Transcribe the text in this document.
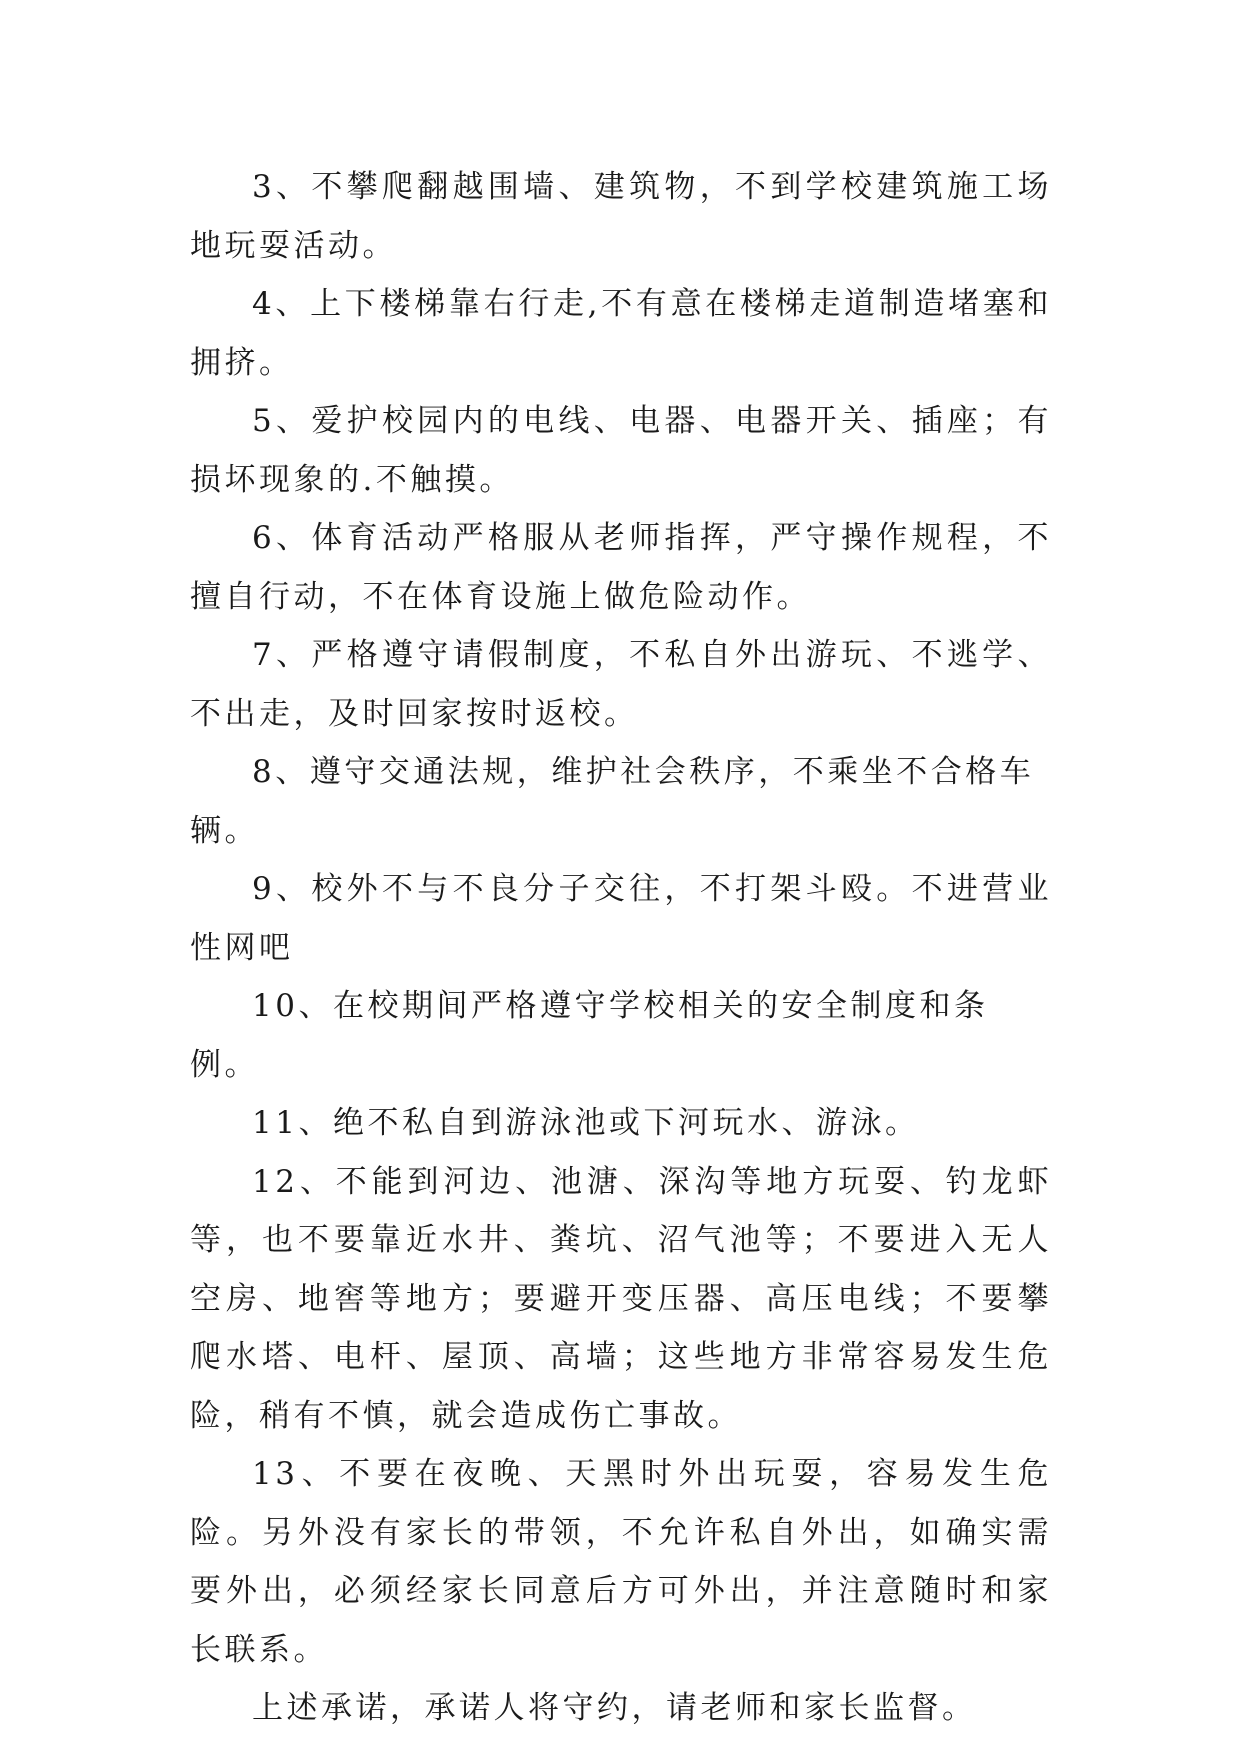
3、不攀爬翻越围墙、建筑物，不到学校建筑施工场地玩耍活动。

4、上下楼梯靠右行走,不有意在楼梯走道制造堵塞和拥挤。

5、爱护校园内的电线、电器、电器开关、插座；有损坏现象的.不触摸。

6、体育活动严格服从老师指挥，严守操作规程，不擅自行动，不在体育设施上做危险动作。

7、严格遵守请假制度，不私自外出游玩、不逃学、不出走，及时回家按时返校。

8、遵守交通法规，维护社会秩序，不乘坐不合格车辆。

9、校外不与不良分子交往，不打架斗殴。不进营业性网吧

10、在校期间严格遵守学校相关的安全制度和条例。

11、绝不私自到游泳池或下河玩水、游泳。

12、不能到河边、池溏、深沟等地方玩耍、钓龙虾等，也不要靠近水井、粪坑、沼气池等；不要进入无人空房、地窖等地方；要避开变压器、高压电线；不要攀爬水塔、电杆、屋顶、高墙；这些地方非常容易发生危险，稍有不慎，就会造成伤亡事故。

13、不要在夜晚、天黑时外出玩耍，容易发生危险。另外没有家长的带领，不允许私自外出，如确实需要外出，必须经家长同意后方可外出，并注意随时和家长联系。

上述承诺，承诺人将守约，请老师和家长监督。
